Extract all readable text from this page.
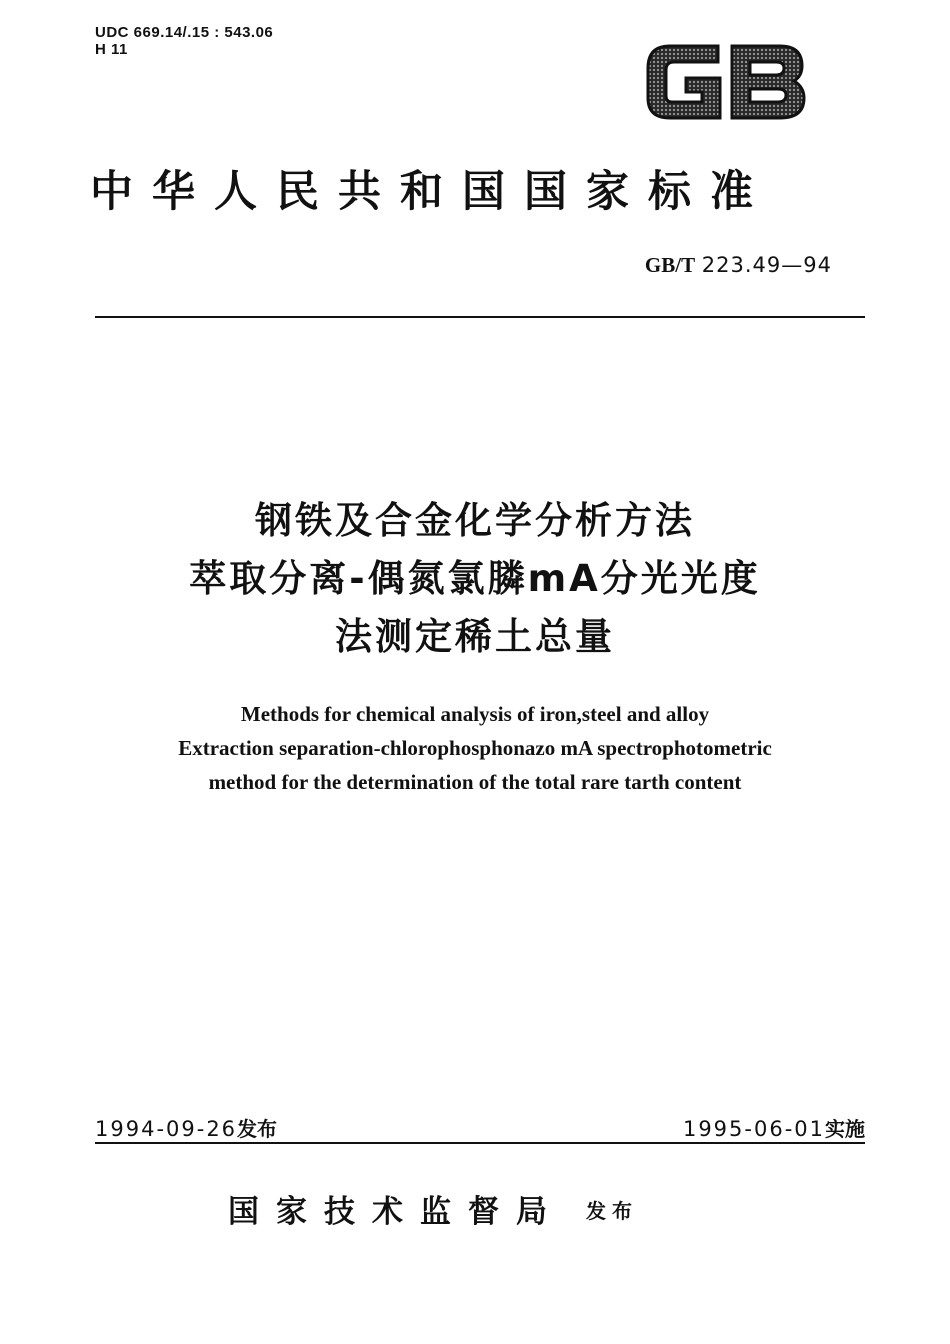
UDC 669.14/.15 : 543.06
H 11
中华人民共和国国家标准
GB/T 223.49—94
钢铁及合金化学分析方法
萃取分离-偶氮氯膦mA分光光度
法测定稀土总量
Methods for chemical analysis of iron,steel and alloy
Extraction separation-chlorophosphonazo mA spectrophotometric
method for the determination of the total rare tarth content
1994-09-26发布	1995-06-01实施
国家技术监督局 发布
